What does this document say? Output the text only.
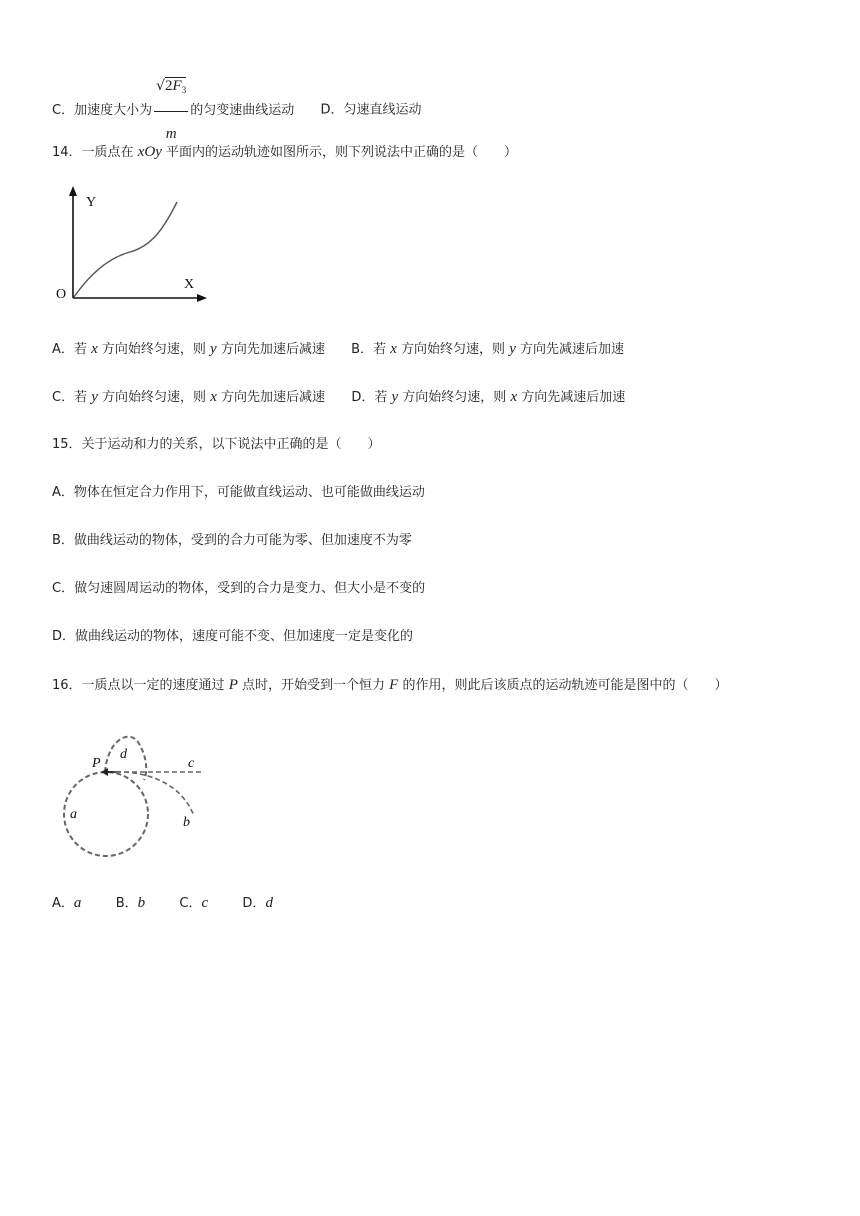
C．加速度大小为 $\frac{√2F_3}{m}$ 的匀变速曲线运动 D．匀速直线运动
14．一质点在 xOy 平面内的运动轨迹如图所示，则下列说法中正确的是（　　）
Y
X
O
A．若 x 方向始终匀速，则 y 方向先加速后减速 B．若 x 方向始终匀速，则 y 方向先减速后加速
C．若 y 方向始终匀速，则 x 方向先加速后减速 D．若 y 方向始终匀速，则 x 方向先减速后加速
15．关于运动和力的关系，以下说法中正确的是（　　）
A．物体在恒定合力作用下，可能做直线运动、也可能做曲线运动
B．做曲线运动的物体，受到的合力可能为零、但加速度不为零
C．做匀速圆周运动的物体，受到的合力是变力、但大小是不变的
D．做曲线运动的物体，速度可能不变、但加速度一定是变化的
16．一质点以一定的速度通过 P 点时，开始受到一个恒力 F 的作用，则此后该质点的运动轨迹可能是图中的（　　）
P
a
b
c
d
A．a	B．b	C．c	D．d
